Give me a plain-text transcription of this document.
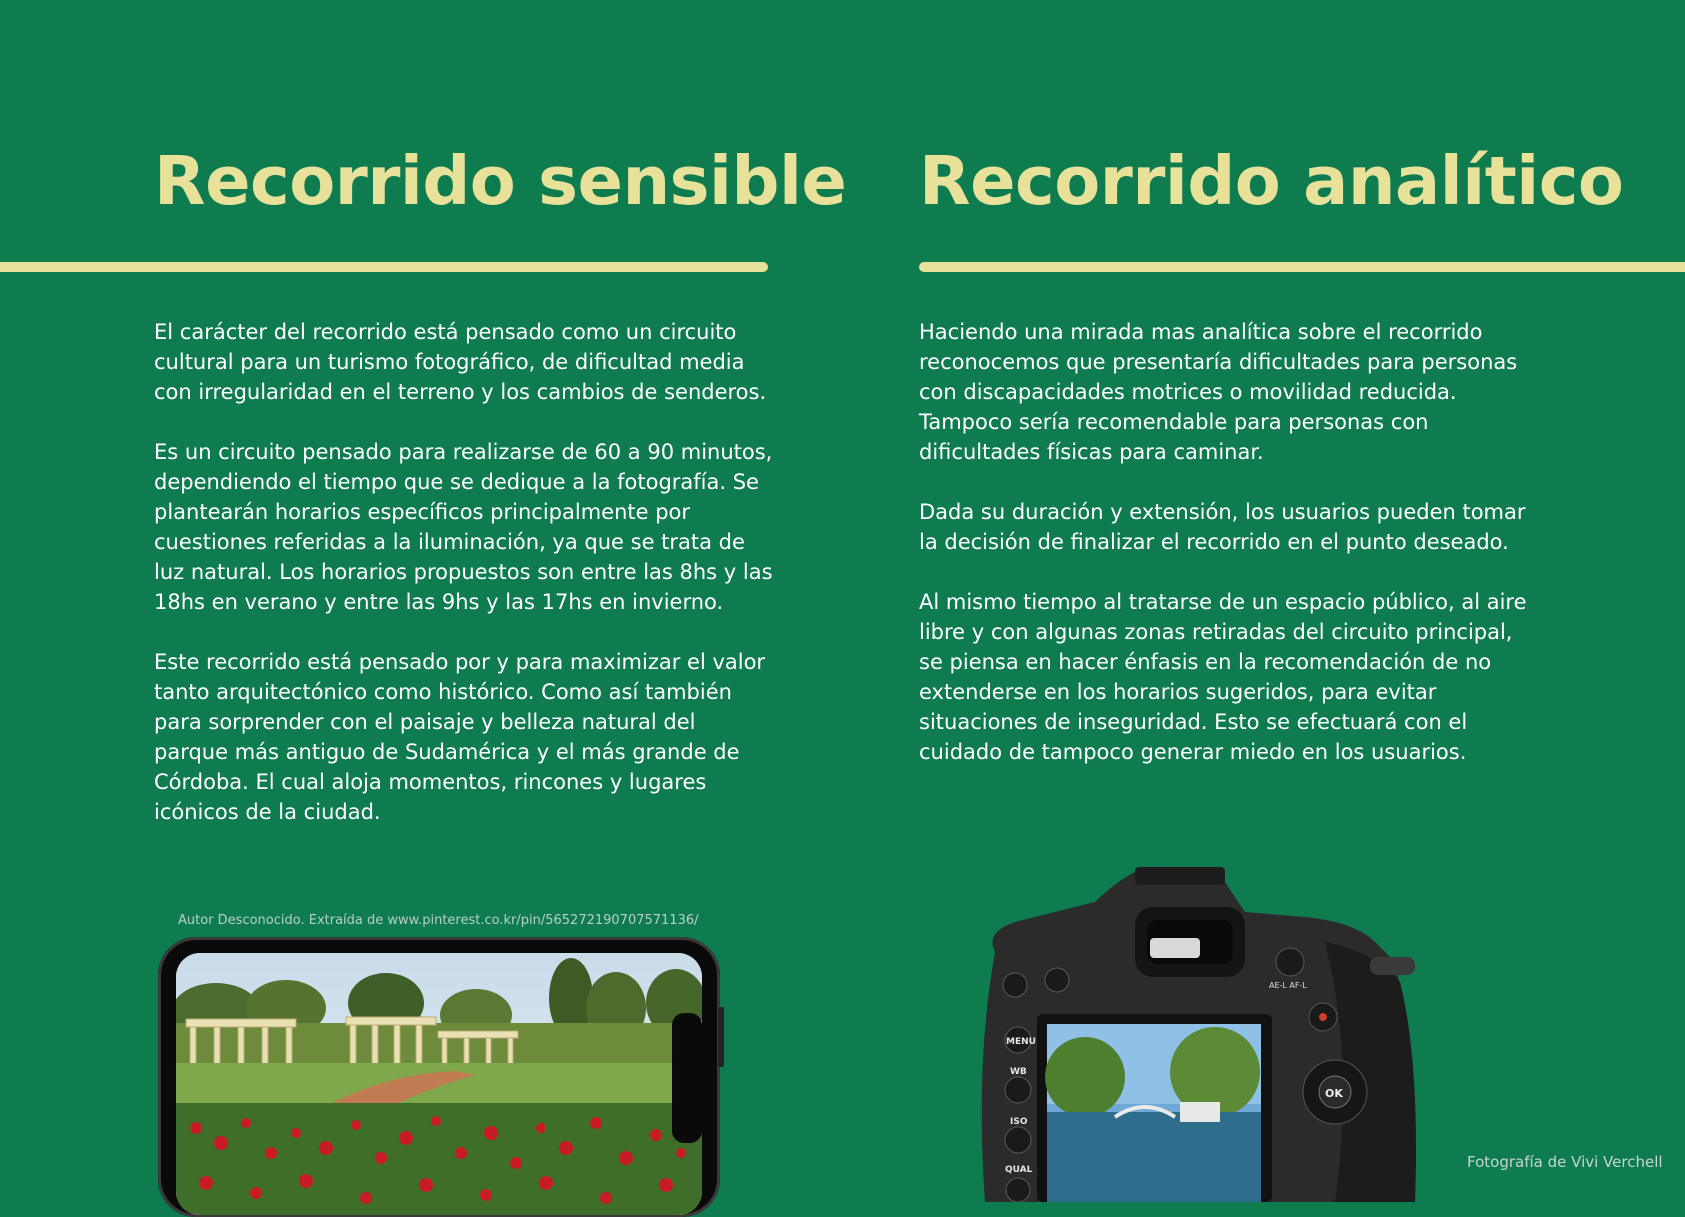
Recorrido sensible Recorrido analítico

El carácter del recorrido está pensado como un circuito cultural para un turismo fotográfico, de dificultad media con irregularidad en el terreno y los cambios de senderos.

Es un circuito pensado para realizarse de 60 a 90 minutos, dependiendo el tiempo que se dedique a la fotografía. Se plantearán horarios específicos principalmente por cuestiones referidas a la iluminación, ya que se trata de luz natural. Los horarios propuestos son entre las 8hs y las 18hs en verano y entre las 9hs y las 17hs en invierno.

Este recorrido está pensado por y para maximizar el valor tanto arquitectónico como histórico. Como así también para sorprender con el paisaje y belleza natural del parque más antiguo de Sudamérica y el más grande de Córdoba. El cual aloja momentos, rincones y lugares icónicos de la ciudad.

Haciendo una mirada mas analítica sobre el recorrido reconocemos que presentaría dificultades para personas con discapacidades motrices o movilidad reducida. Tampoco sería recomendable para personas con dificultades físicas para caminar.

Dada su duración y extensión, los usuarios pueden tomar la decisión de finalizar el recorrido en el punto deseado.

Al mismo tiempo al tratarse de un espacio público, al aire libre y con algunas zonas retiradas del circuito principal, se piensa en hacer énfasis en la recomendación de no extenderse en los horarios sugeridos, para evitar situaciones de inseguridad. Esto se efectuará con el cuidado de tampoco generar miedo en los usuarios.

Autor Desconocido. Extraída de www.pinterest.co.kr/pin/565272190707571136/
MENU
WB
ISO
QUAL
OK
AE-L AF-L
Fotografía de Vivi Verchell
